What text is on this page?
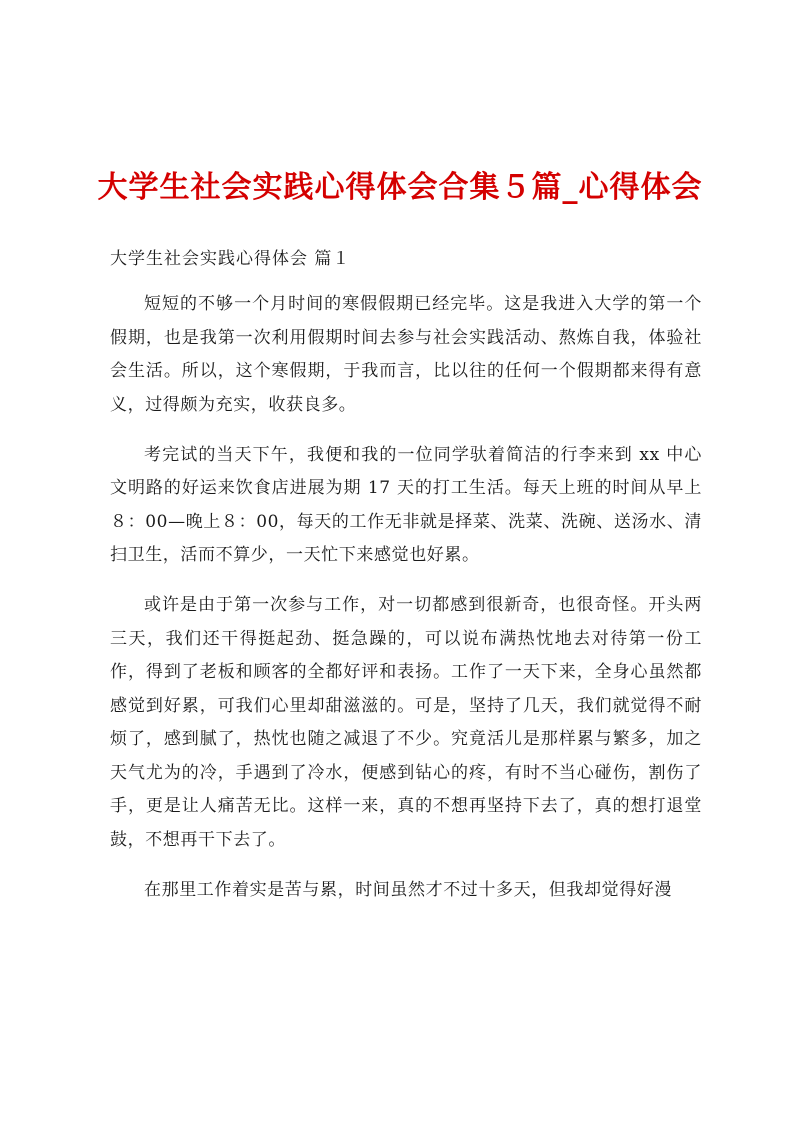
大学生社会实践心得体会合集５篇_心得体会

大学生社会实践心得体会 篇１

短短的不够一个月时间的寒假假期已经完毕。这是我进入大学的第一个假期，也是我第一次利用假期时间去参与社会实践活动、熬炼自我，体验社会生活。所以，这个寒假期，于我而言，比以往的任何一个假期都来得有意义，过得颇为充实，收获良多。

考完试的当天下午，我便和我的一位同学驮着简洁的行李来到 xx 中心文明路的好运来饮食店进展为期 17 天的打工生活。每天上班的时间从早上８：00—晚上８：00，每天的工作无非就是择菜、洗菜、洗碗、送汤水、清扫卫生，活而不算少，一天忙下来感觉也好累。

或许是由于第一次参与工作，对一切都感到很新奇，也很奇怪。开头两三天，我们还干得挺起劲、挺急躁的，可以说布满热忱地去对待第一份工作，得到了老板和顾客的全都好评和表扬。工作了一天下来，全身心虽然都感觉到好累，可我们心里却甜滋滋的。可是，坚持了几天，我们就觉得不耐烦了，感到腻了，热忱也随之减退了不少。究竟活儿是那样累与繁多，加之天气尤为的冷，手遇到了冷水，便感到钻心的疼，有时不当心碰伤，割伤了手，更是让人痛苦无比。这样一来，真的不想再坚持下去了，真的想打退堂鼓，不想再干下去了。

在那里工作着实是苦与累，时间虽然才不过十多天，但我却觉得好漫
